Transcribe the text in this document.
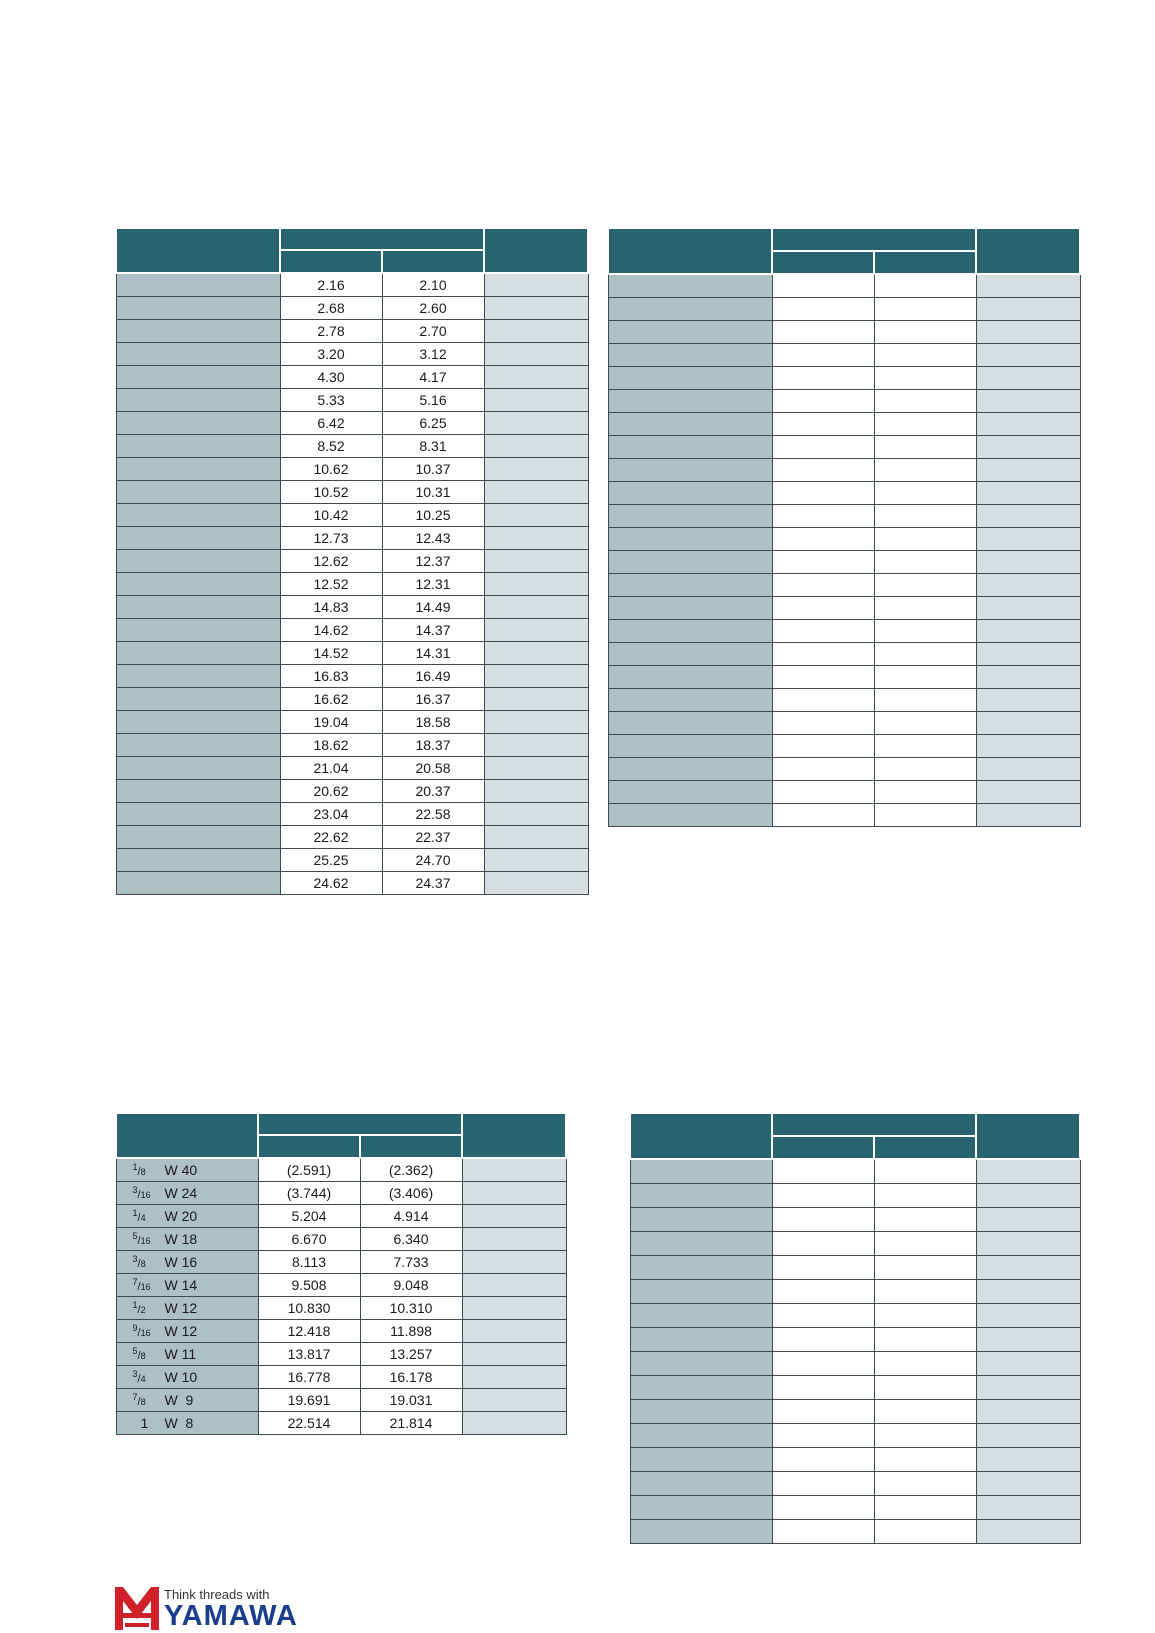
	2.16	2.10	
	2.68	2.60	
	2.78	2.70	
	3.20	3.12	
	4.30	4.17	
	5.33	5.16	
	6.42	6.25	
	8.52	8.31	
	10.62	10.37	
	10.52	10.31	
	10.42	10.25	
	12.73	12.43	
	12.62	12.37	
	12.52	12.31	
	14.83	14.49	
	14.62	14.37	
	14.52	14.31	
	16.83	16.49	
	16.62	16.37	
	19.04	18.58	
	18.62	18.37	
	21.04	20.58	
	20.62	20.37	
	23.04	22.58	
	22.62	22.37	
	25.25	24.70	
	24.62	24.37	

$^1$/8 W 40	(2.591)	(2.362)	
$^3$/16 W 24	(3.744)	(3.406)	
$^1$/4 W 20	5.204	4.914	
$^5$/16 W 18	6.670	6.340	
$^3$/8 W 16	8.113	7.733	
$^7$/16 W 14	9.508	9.048	
$^1$/2 W 12	10.830	10.310	
$^9$/16 W 12	12.418	11.898	
$^5$/8 W 11	13.817	13.257	
$^3$/4 W 10	16.778	16.178	
$^7$/8 W  9	19.691	19.031	
1 W  8	22.514	21.814	

Think threads with
YAMAWA
